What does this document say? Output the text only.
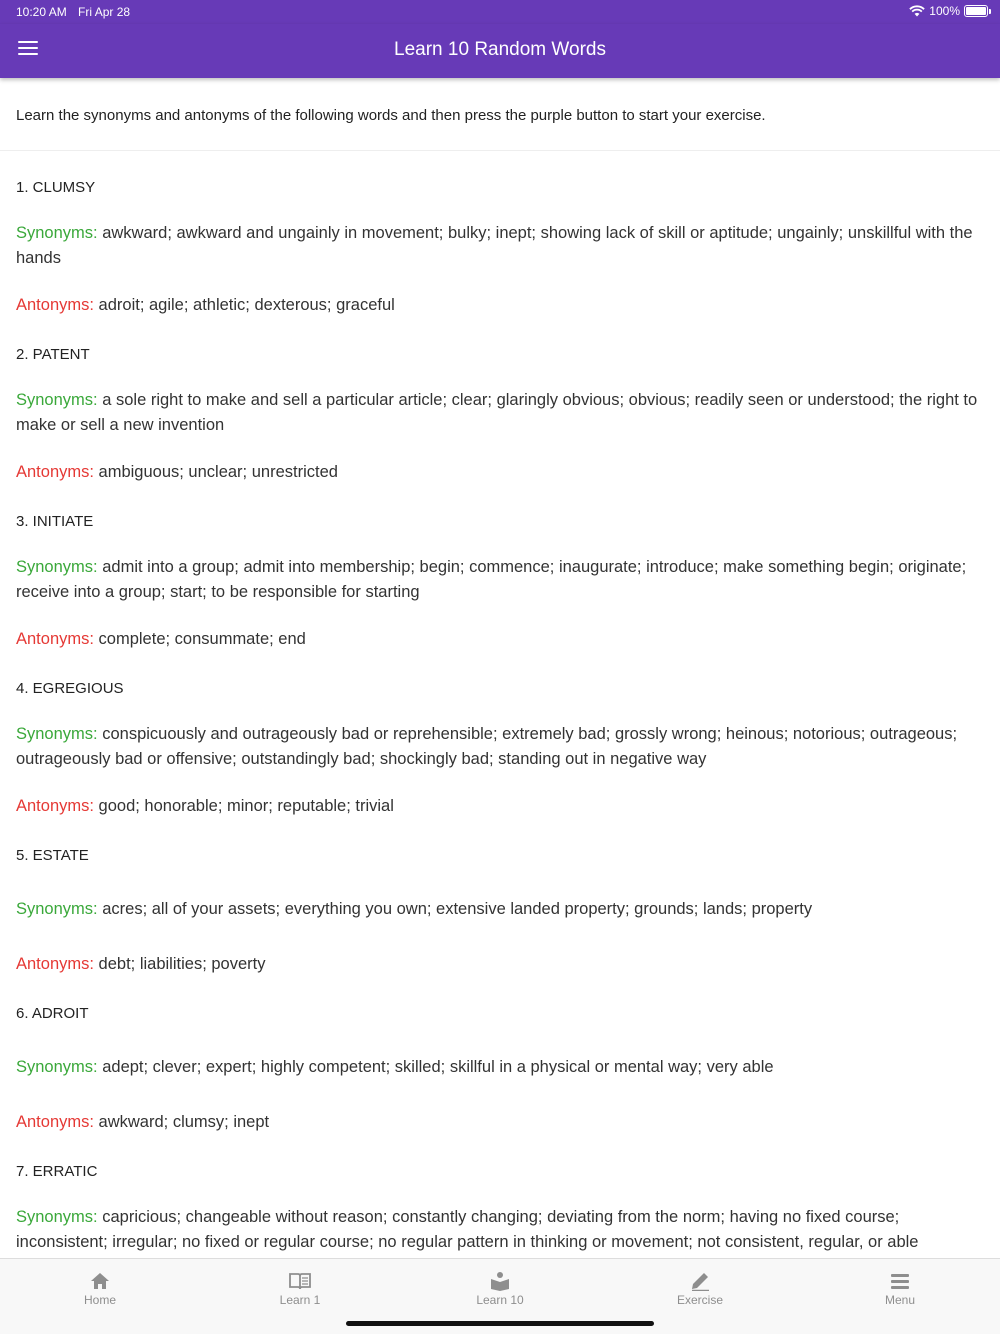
10:20 AM Fri Apr 28	100%
Learn 10 Random Words
Learn the synonyms and antonyms of the following words and then press the purple button to start your exercise.
1. CLUMSY

Synonyms: awkward; awkward and ungainly in movement; bulky; inept; showing lack of skill or aptitude; ungainly; unskillful with the hands

Antonyms: adroit; agile; athletic; dexterous; graceful

2. PATENT

Synonyms: a sole right to make and sell a particular article; clear; glaringly obvious; obvious; readily seen or understood; the right to make or sell a new invention

Antonyms: ambiguous; unclear; unrestricted

3. INITIATE

Synonyms: admit into a group; admit into membership; begin; commence; inaugurate; introduce; make something begin; originate; receive into a group; start; to be responsible for starting

Antonyms: complete; consummate; end

4. EGREGIOUS

Synonyms: conspicuously and outrageously bad or reprehensible; extremely bad; grossly wrong; heinous; notorious; outrageous; outrageously bad or offensive; outstandingly bad; shockingly bad; standing out in negative way

Antonyms: good; honorable; minor; reputable; trivial

5. ESTATE

Synonyms: acres; all of your assets; everything you own; extensive landed property; grounds; lands; property

Antonyms: debt; liabilities; poverty

6. ADROIT

Synonyms: adept; clever; expert; highly competent; skilled; skillful in a physical or mental way; very able

Antonyms: awkward; clumsy; inept

7. ERRATIC

Synonyms: capricious; changeable without reason; constantly changing; deviating from the norm; having no fixed course; inconsistent; irregular; no fixed or regular course; no regular pattern in thinking or movement; not consistent, regular, or able

Home	Learn 1	Learn 10	Exercise	Menu
